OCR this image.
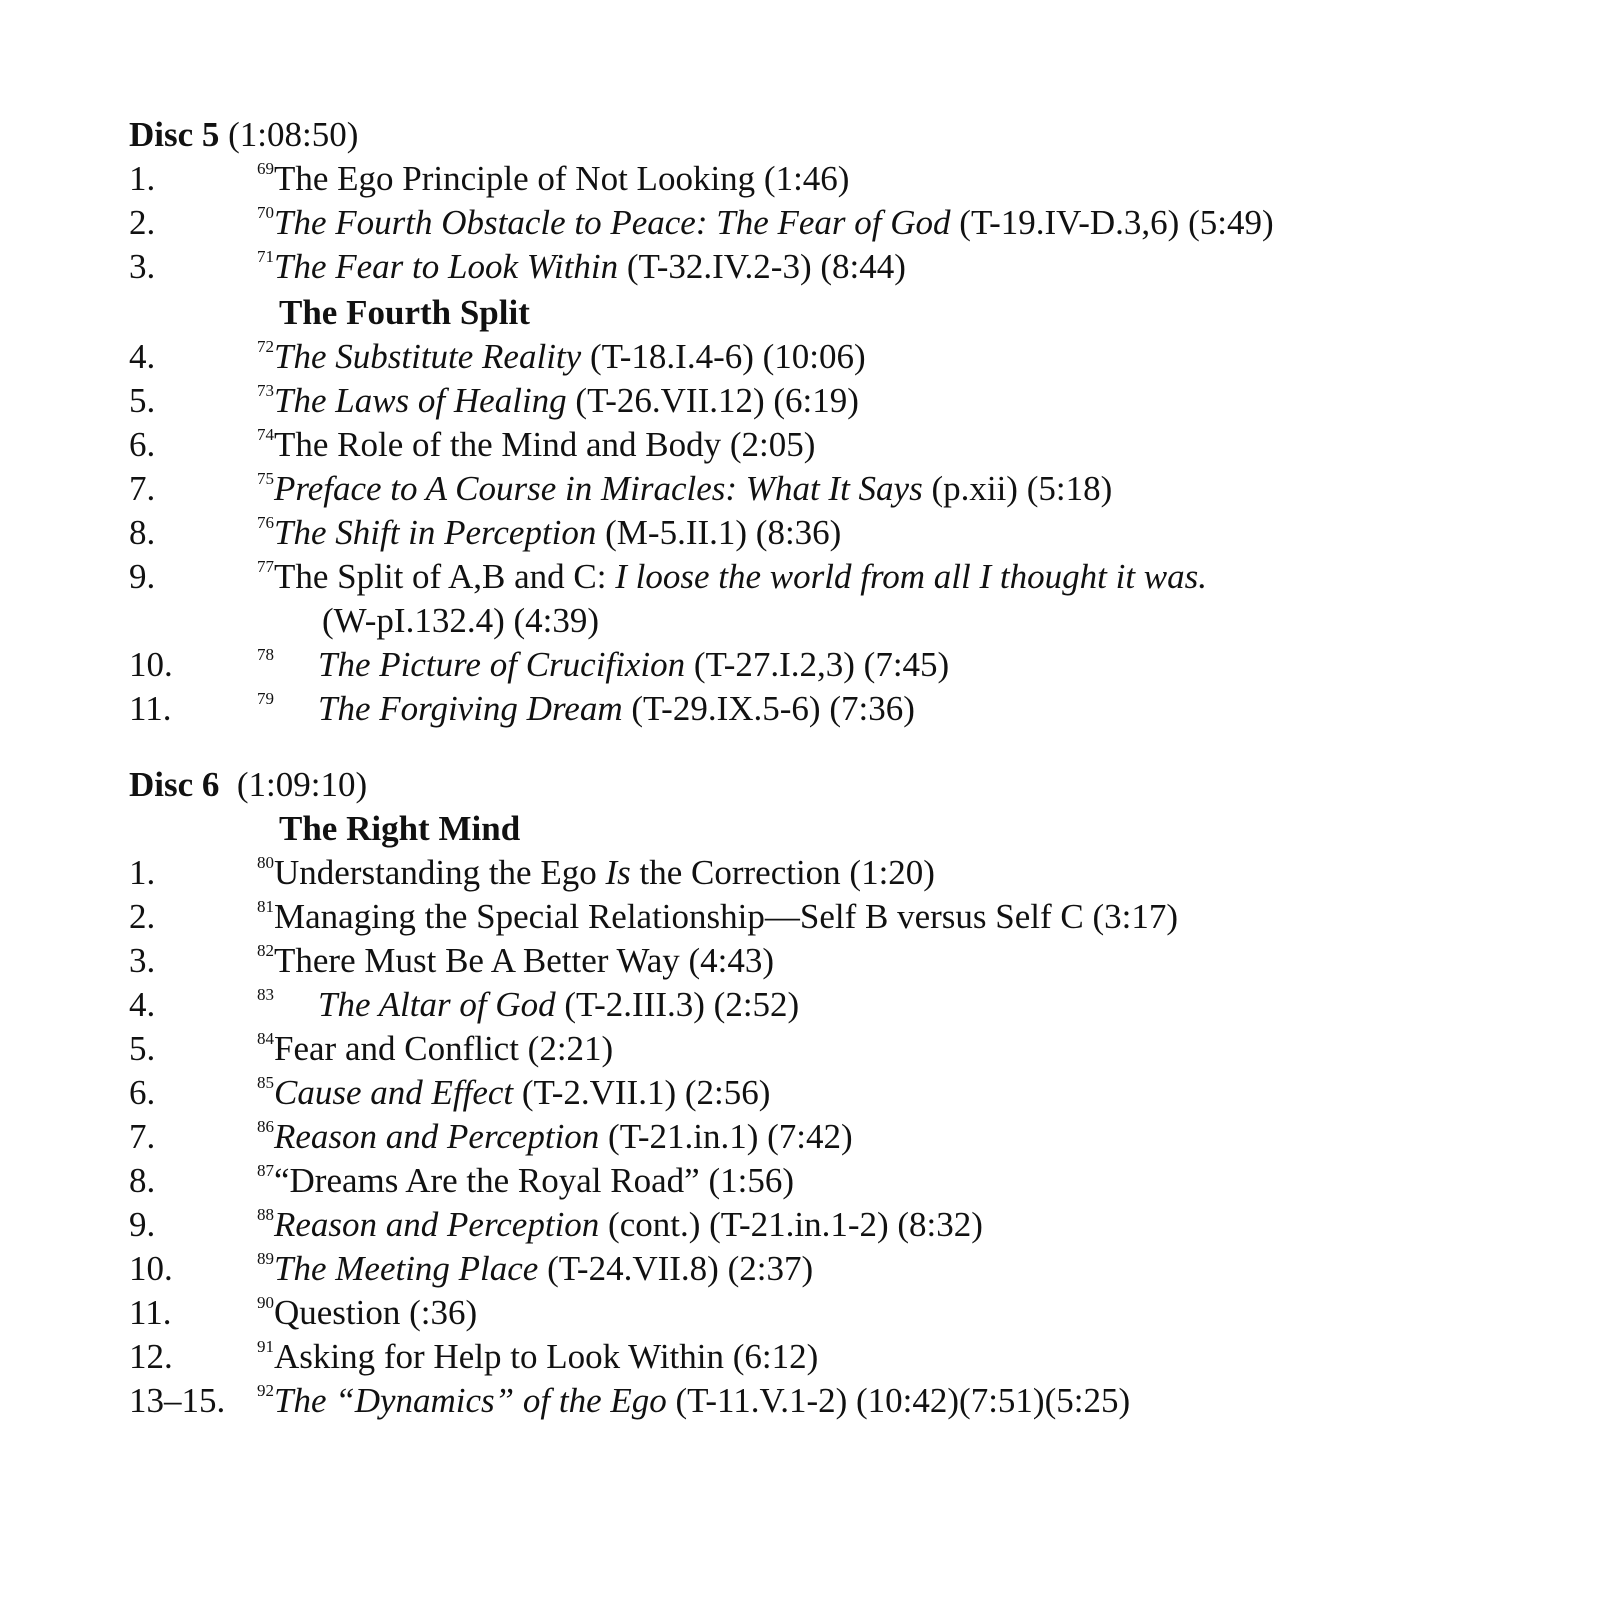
Disc 5 (1:08:50)
1.	$^{69}$The Ego Principle of Not Looking (1:46)
2.	$^{70}$The Fourth Obstacle to Peace: The Fear of God (T-19.IV-D.3,6) (5:49)
3.	$^{71}$The Fear to Look Within (T-32.IV.2-3) (8:44)
The Fourth Split
4.	$^{72}$The Substitute Reality (T-18.I.4-6) (10:06)
5.	$^{73}$The Laws of Healing (T-26.VII.12) (6:19)
6.	$^{74}$The Role of the Mind and Body (2:05)
7.	$^{75}$Preface to A Course in Miracles: What It Says (p.xii) (5:18)
8.	$^{76}$The Shift in Perception (M-5.II.1) (8:36)
9.	$^{77}$The Split of A,B and C: I loose the world from all I thought it was.
(W-pI.132.4) (4:39)
10.	$^{78}$ The Picture of Crucifixion (T-27.I.2,3) (7:45)
11.	$^{79}$ The Forgiving Dream (T-29.IX.5-6) (7:36)
Disc 6 (1:09:10)
The Right Mind
1.	$^{80}$Understanding the Ego Is the Correction (1:20)
2.	$^{81}$Managing the Special Relationship—Self B versus Self C (3:17)
3.	$^{82}$There Must Be A Better Way (4:43)
4.	$^{83}$ The Altar of God (T-2.III.3) (2:52)
5.	$^{84}$Fear and Conflict (2:21)
6.	$^{85}$Cause and Effect (T-2.VII.1) (2:56)
7.	$^{86}$Reason and Perception (T-21.in.1) (7:42)
8.	$^{87}$“Dreams Are the Royal Road” (1:56)
9.	$^{88}$Reason and Perception (cont.) (T-21.in.1-2) (8:32)
10.	$^{89}$The Meeting Place (T-24.VII.8) (2:37)
11.	$^{90}$Question (:36)
12.	$^{91}$Asking for Help to Look Within (6:12)
13–15. $^{92}$The “Dynamics” of the Ego (T-11.V.1-2) (10:42)(7:51)(5:25)
